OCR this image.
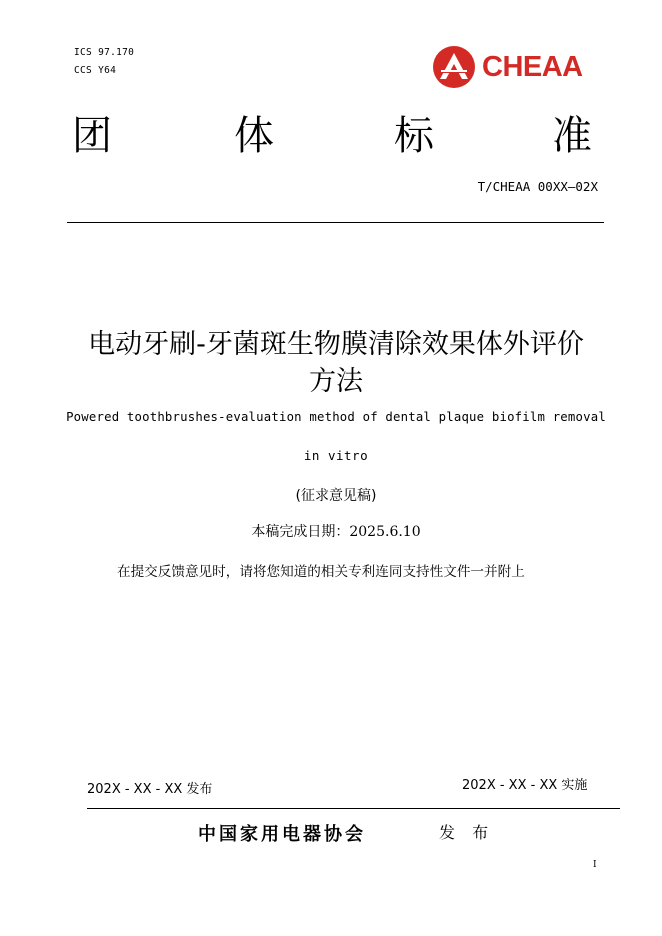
ICS 97.170
CCS Y64	CHEAA
团	体	标	准
T/CHEAA 00XX—02X
电动牙刷-牙菌斑生物膜清除效果体外评价
方法
Powered toothbrushes-evaluation method of dental plaque biofilm removal
in vitro
(征求意见稿)
本稿完成日期：2025.6.10
在提交反馈意见时，请将您知道的相关专利连同支持性文件一并附上
202X - XX - XX 发布	202X - XX - XX 实施
中国家用电器协会	发 布
I
